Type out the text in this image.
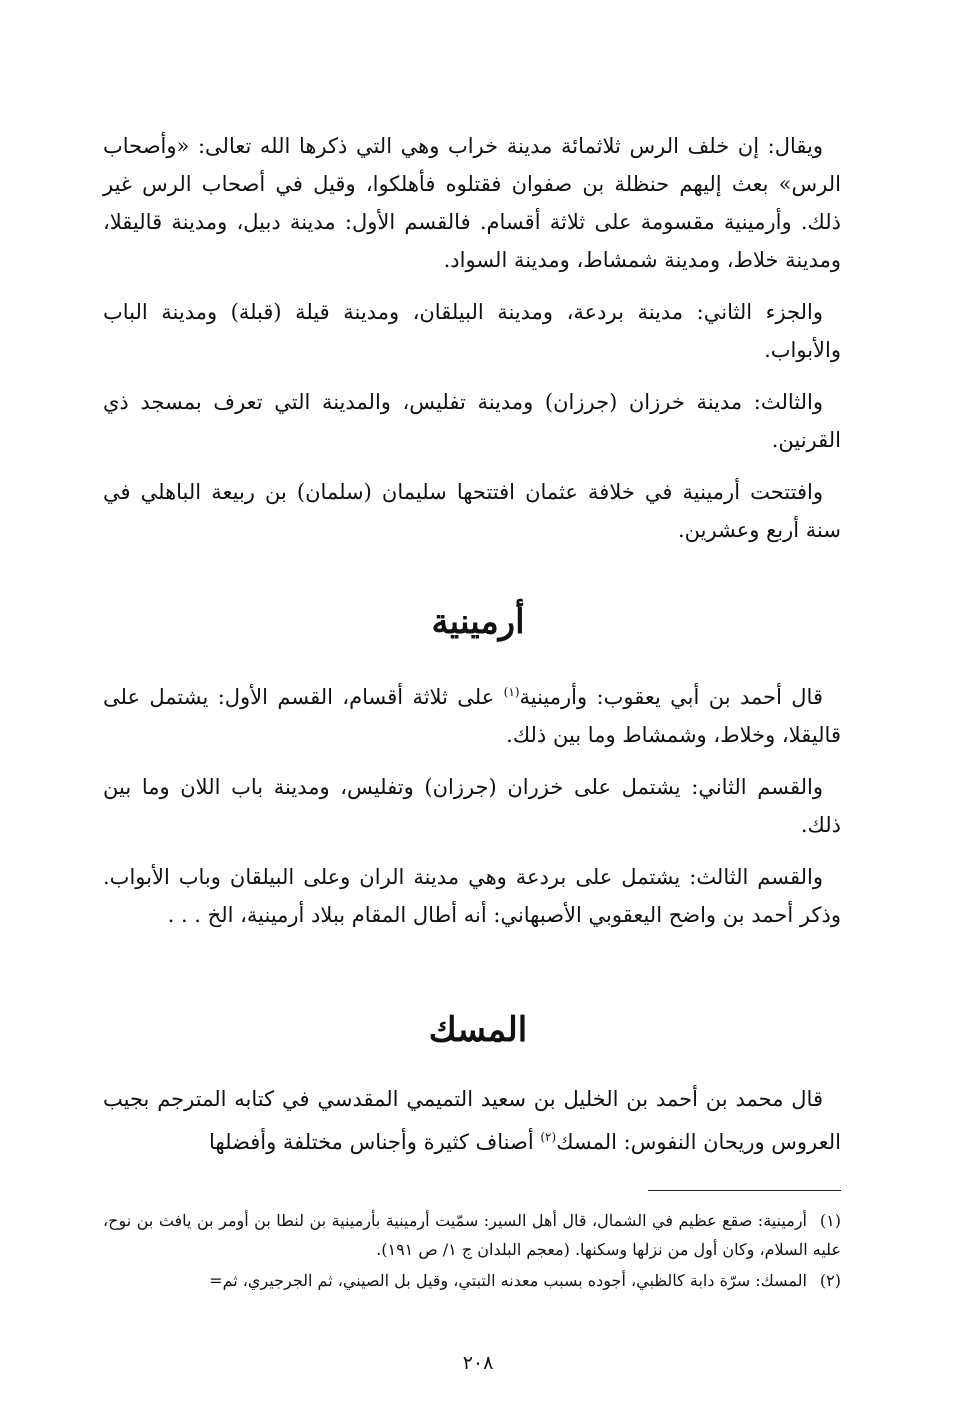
ويقال: إن خلف الرس ثلاثمائة مدينة خراب وهي التي ذكرها الله تعالى: «وأصحاب الرس» بعث إليهم حنظلة بن صفوان فقتلوه فأهلكوا، وقيل في أصحاب الرس غير ذلك. وأرمينية مقسومة على ثلاثة أقسام. فالقسم الأول: مدينة دبيل، ومدينة قاليقلا، ومدينة خلاط، ومدينة شمشاط، ومدينة السواد.

والجزء الثاني: مدينة بردعة، ومدينة البيلقان، ومدينة قيلة (قبلة) ومدينة الباب والأبواب.

والثالث: مدينة خرزان (جرزان) ومدينة تفليس، والمدينة التي تعرف بمسجد ذي القرنين.

وافتتحت أرمينية في خلافة عثمان افتتحها سليمان (سلمان) بن ربيعة الباهلي في سنة أربع وعشرين.

أرمينية

قال أحمد بن أبي يعقوب: وأرمينية$^{(١)}$ على ثلاثة أقسام، القسم الأول: يشتمل على قاليقلا، وخلاط، وشمشاط وما بين ذلك.

والقسم الثاني: يشتمل على خزران (جرزان) وتفليس، ومدينة باب اللان وما بين ذلك.

والقسم الثالث: يشتمل على بردعة وهي مدينة الران وعلى البيلقان وباب الأبواب. وذكر أحمد بن واضح اليعقوبي الأصبهاني: أنه أطال المقام ببلاد أرمينية، الخ . . .

المسك

قال محمد بن أحمد بن الخليل بن سعيد التميمي المقدسي في كتابه المترجم بجيب العروس وريحان النفوس: المسك$^{(٢)}$ أصناف كثيرة وأجناس مختلفة وأفضلها

(١)أرمينية: صقع عظيم في الشمال، قال أهل السير: سمّيت أرمينية بأرمينية بن لنطا بن أومر بن يافث بن نوح، عليه السلام، وكان أول من نزلها وسكنها. (معجم البلدان ج ١/ ص ١٩١).

(٢)المسك: سرّة دابة كالظبي، أجوده بسبب معدنه التبتي، وقيل بل الصيني، ثم الجرجيري، ثم=

٢٠٨
